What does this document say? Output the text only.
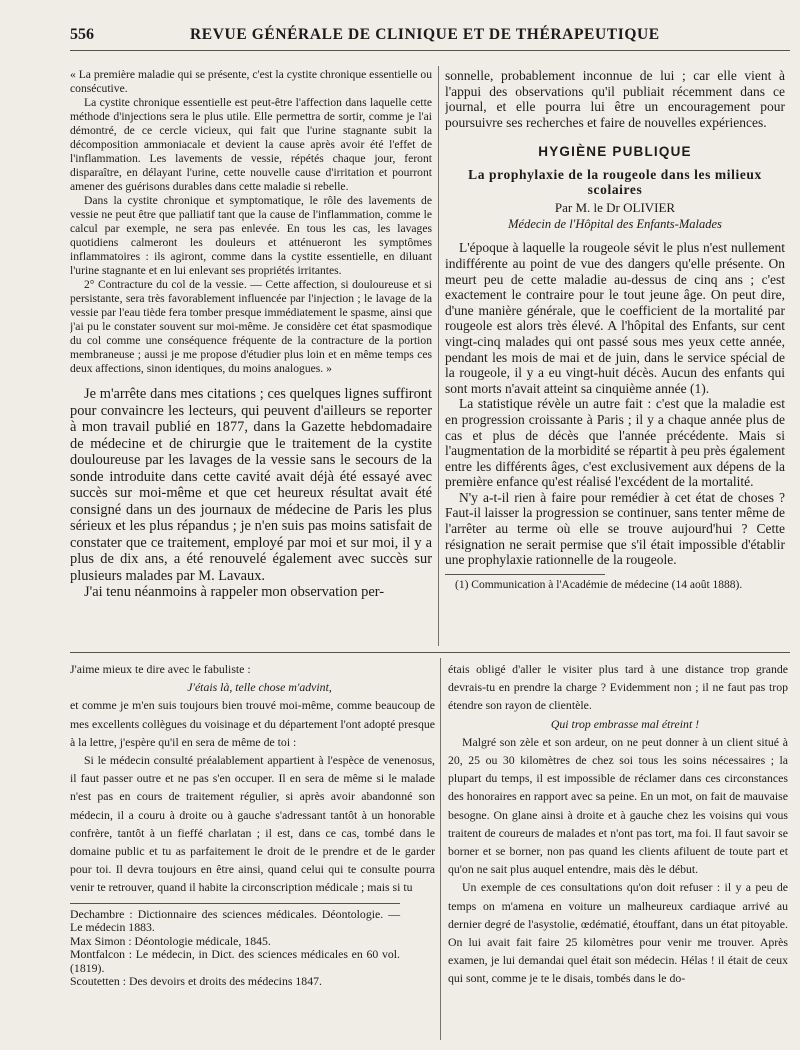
556	REVUE GÉNÉRALE DE CLINIQUE ET DE THÉRAPEUTIQUE

« La première maladie qui se présente, c'est la cystite chronique essentielle ou consécutive.

La cystite chronique essentielle est peut-être l'affection dans laquelle cette méthode d'injections sera le plus utile. Elle permettra de sortir, comme je l'ai démontré, de ce cercle vicieux, qui fait que l'urine stagnante subit la décomposition ammoniacale et devient la cause après avoir été l'effet de l'inflammation. Les lavements de vessie, répétés chaque jour, feront disparaître, en délayant l'urine, cette nouvelle cause d'irritation et pourront amener des guérisons durables dans cette maladie si rebelle.

Dans la cystite chronique et symptomatique, le rôle des lavements de vessie ne peut être que palliatif tant que la cause de l'inflammation, comme le calcul par exemple, ne sera pas enlevée. En tous les cas, les lavages quotidiens calmeront les douleurs et atténueront les symptômes inflammatoires : ils agiront, comme dans la cystite essentielle, en diluant l'urine stagnante et en lui enlevant ses propriétés irritantes.

2° Contracture du col de la vessie. — Cette affection, si douloureuse et si persistante, sera très favorablement influencée par l'injection ; le lavage de la vessie par l'eau tiède fera tomber presque immédiatement le spasme, ainsi que j'ai pu le constater souvent sur moi-même. Je considère cet état spasmodique du col comme une conséquence fréquente de la contracture de la portion membraneuse ; aussi je me propose d'étudier plus loin et en même temps ces deux affections, sinon identiques, du moins analogues. »

Je m'arrête dans mes citations ; ces quelques lignes suffiront pour convaincre les lecteurs, qui peuvent d'ailleurs se reporter à mon travail publié en 1877, dans la Gazette hebdomadaire de médecine et de chirurgie que le traitement de la cystite douloureuse par les lavages de la vessie sans le secours de la sonde introduite dans cette cavité avait déjà été essayé avec succès sur moi-même et que cet heureux résultat avait été consigné dans un des journaux de médecine de Paris les plus sérieux et les plus répandus ; je n'en suis pas moins satisfait de constater que ce traitement, employé par moi et sur moi, il y a plus de dix ans, a été renouvelé également avec succès sur plusieurs malades par M. Lavaux.

J'ai tenu néanmoins à rappeler mon observation per-

sonnelle, probablement inconnue de lui ; car elle vient à l'appui des observations qu'il publiait récemment dans ce journal, et elle pourra lui être un encouragement pour poursuivre ses recherches et faire de nouvelles expériences.

HYGIÈNE PUBLIQUE
La prophylaxie de la rougeole dans les milieux scolaires
Par M. le Dr OLIVIER
Médecin de l'Hôpital des Enfants-Malades

L'époque à laquelle la rougeole sévit le plus n'est nullement indifférente au point de vue des dangers qu'elle présente. On meurt peu de cette maladie au-dessus de cinq ans ; c'est exactement le contraire pour le tout jeune âge. On peut dire, d'une manière générale, que le coefficient de la mortalité par rougeole est alors très élevé. A l'hôpital des Enfants, sur cent vingt-cinq malades qui ont passé sous mes yeux cette année, pendant les mois de mai et de juin, dans le service spécial de la rougeole, il y a eu vingt-huit décès. Aucun des enfants qui sont morts n'avait atteint sa cinquième année (1).

La statistique révèle un autre fait : c'est que la maladie est en progression croissante à Paris ; il y a chaque année plus de cas et plus de décès que l'année précédente. Mais si l'augmentation de la morbidité se répartit à peu près également entre les différents âges, c'est exclusivement aux dépens de la première enfance qu'est réalisé l'excédent de la mortalité.

N'y a-t-il rien à faire pour remédier à cet état de choses ? Faut-il laisser la progression se continuer, sans tenter même de l'arrêter au terme où elle se trouve aujourd'hui ? Cette résignation ne serait permise que s'il était impossible d'établir une prophylaxie rationnelle de la rougeole.

(1) Communication à l'Académie de médecine (14 août 1888).

J'aime mieux te dire avec le fabuliste :

J'étais là, telle chose m'advint,

et comme je m'en suis toujours bien trouvé moi-même, comme beaucoup de mes excellents collègues du voisinage et du département l'ont adopté presque à la lettre, j'espère qu'il en sera de même de toi :

Si le médecin consulté préalablement appartient à l'espèce de venenosus, il faut passer outre et ne pas s'en occuper. Il en sera de même si le malade n'est pas en cours de traitement régulier, si après avoir abandonné son médecin, il a couru à droite ou à gauche s'adressant tantôt à un honorable confrère, tantôt à un fieffé charlatan ; il est, dans ce cas, tombé dans le domaine public et tu as parfaitement le droit de le prendre et de le garder pour toi. Il devra toujours en être ainsi, quand celui qui te consulte pourra venir te retrouver, quand il habite la circonscription médicale ; mais si tu

Dechambre : Dictionnaire des sciences médicales. Déontologie. — Le médecin 1883.

Max Simon : Déontologie médicale, 1845.

Montfalcon : Le médecin, in Dict. des sciences médicales en 60 vol. (1819).

Scoutetten : Des devoirs et droits des médecins 1847.

étais obligé d'aller le visiter plus tard à une distance trop grande devrais-tu en prendre la charge ? Evidemment non ; il ne faut pas trop étendre son rayon de clientèle.

Qui trop embrasse mal étreint !

Malgré son zèle et son ardeur, on ne peut donner à un client situé à 20, 25 ou 30 kilomètres de chez soi tous les soins nécessaires ; la plupart du temps, il est impossible de réclamer dans ces circonstances des honoraires en rapport avec sa peine. En un mot, on fait de mauvaise besogne. On glane ainsi à droite et à gauche chez les voisins qui vous traitent de coureurs de malades et n'ont pas tort, ma foi. Il faut savoir se borner et se borner, non pas quand les clients afiluent de toute part et qu'on ne sait plus auquel entendre, mais dès le début.

Un exemple de ces consultations qu'on doit refuser : il y a peu de temps on m'amena en voiture un malheureux cardiaque arrivé au dernier degré de l'asystolie, œdématié, étouffant, dans un état pitoyable. On lui avait fait faire 25 kilomètres pour venir me trouver. Après examen, je lui demandai quel était son médecin. Hélas ! il était de ceux qui sont, comme je te le disais, tombés dans le do-
